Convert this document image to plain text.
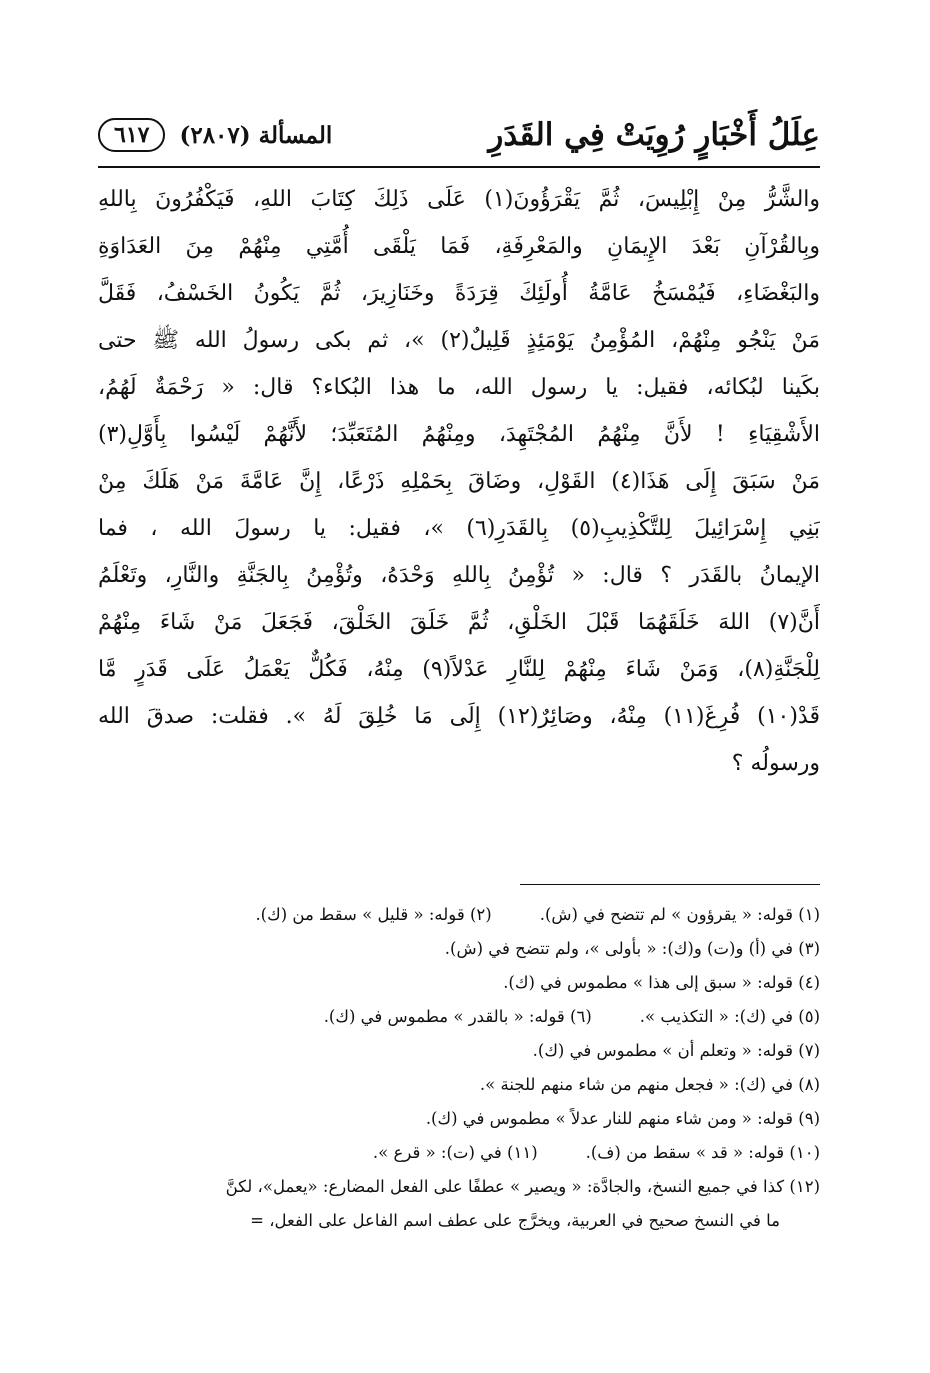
عِلَلُ أَخْبَارٍ رُوِيَتْ فِي القَدَرِ
المسألة (٢٨٠٧)
٦١٧
والشَّرُّ مِنْ إِبْلِيسَ، ثُمَّ يَقْرَؤُونَ(١) عَلَى ذَلِكَ كِتَابَ اللهِ، فَيَكْفُرُونَ بِاللهِ
وبِالقُرْآنِ بَعْدَ الإِيمَانِ والمَعْرِفَةِ، فَمَا يَلْقَى أُمَّتِي مِنْهُمْ مِنَ العَدَاوَةِ
والبَغْضَاءِ، فَيُمْسَخُ عَامَّةُ أُولَئِكَ قِرَدَةً وخَنَازِيرَ، ثُمَّ يَكُونُ الخَسْفُ، فَقَلَّ
مَنْ يَنْجُو مِنْهُمْ، المُؤْمِنُ يَوْمَئِذٍ قَلِيلٌ(٢) »، ثم بكى رسولُ الله ﷺ حتى
بكَينا لبُكائه، فقيل: يا رسول الله، ما هذا البُكاء؟ قال: « رَحْمَةٌ لَهُمُ،
الأَشْقِيَاءِ ! لأَنَّ مِنْهُمُ المُجْتَهِدَ، ومِنْهُمُ المُتَعَبِّدَ؛ لأَنَّهُمْ لَيْسُوا بِأَوَّلِ(٣)
مَنْ سَبَقَ إِلَى هَذَا(٤) القَوْلِ، وضَاقَ بِحَمْلِهِ ذَرْعًا، إِنَّ عَامَّةَ مَنْ هَلَكَ مِنْ
بَنِي إِسْرَائِيلَ لِلتَّكْذِيبِ(٥) بِالقَدَرِ(٦) »، فقيل: يا رسولَ الله ، فما
الإيمانُ بالقَدَر ؟ قال: « تُؤْمِنُ بِاللهِ وَحْدَهُ، وتُؤْمِنُ بِالجَنَّةِ والنَّارِ، وتَعْلَمُ
أَنَّ(٧) اللهَ خَلَقَهُمَا قَبْلَ الخَلْقِ، ثُمَّ خَلَقَ الخَلْقَ، فَجَعَلَ مَنْ شَاءَ مِنْهُمْ
لِلْجَنَّةِ(٨)، وَمَنْ شَاءَ مِنْهُمْ لِلنَّارِ عَدْلاً(٩) مِنْهُ، فَكُلٌّ يَعْمَلُ عَلَى قَدَرٍ مَّا
قَدْ(١٠) فُرِغَ(١١) مِنْهُ، وصَائِرٌ(١٢) إِلَى مَا خُلِقَ لَهُ ». فقلت: صدقَ الله
ورسولُه ؟
(١) قوله: « يقرؤون » لم تتضح في (ش).(٢) قوله: « قليل » سقط من (ك).
(٣) في (أ) و(ت) و(ك): « بأولى »، ولم تتضح في (ش).
(٤) قوله: « سبق إلى هذا » مطموس في (ك).
(٥) في (ك): « التكذيب ».(٦) قوله: « بالقدر » مطموس في (ك).
(٧) قوله: « وتعلم أن » مطموس في (ك).
(٨) في (ك): « فجعل منهم من شاء منهم للجنة ».
(٩) قوله: « ومن شاء منهم للنار عدلاً » مطموس في (ك).
(١٠) قوله: « قد » سقط من (ف).(١١) في (ت): « قرع ».
(١٢) كذا في جميع النسخ، والجادَّة: « ويصير » عطفًا على الفعل المضارع: «يعمل»، لكنَّ
ما في النسخ صحيح في العربية، ويخرَّج على عطف اسم الفاعل على الفعل، =
